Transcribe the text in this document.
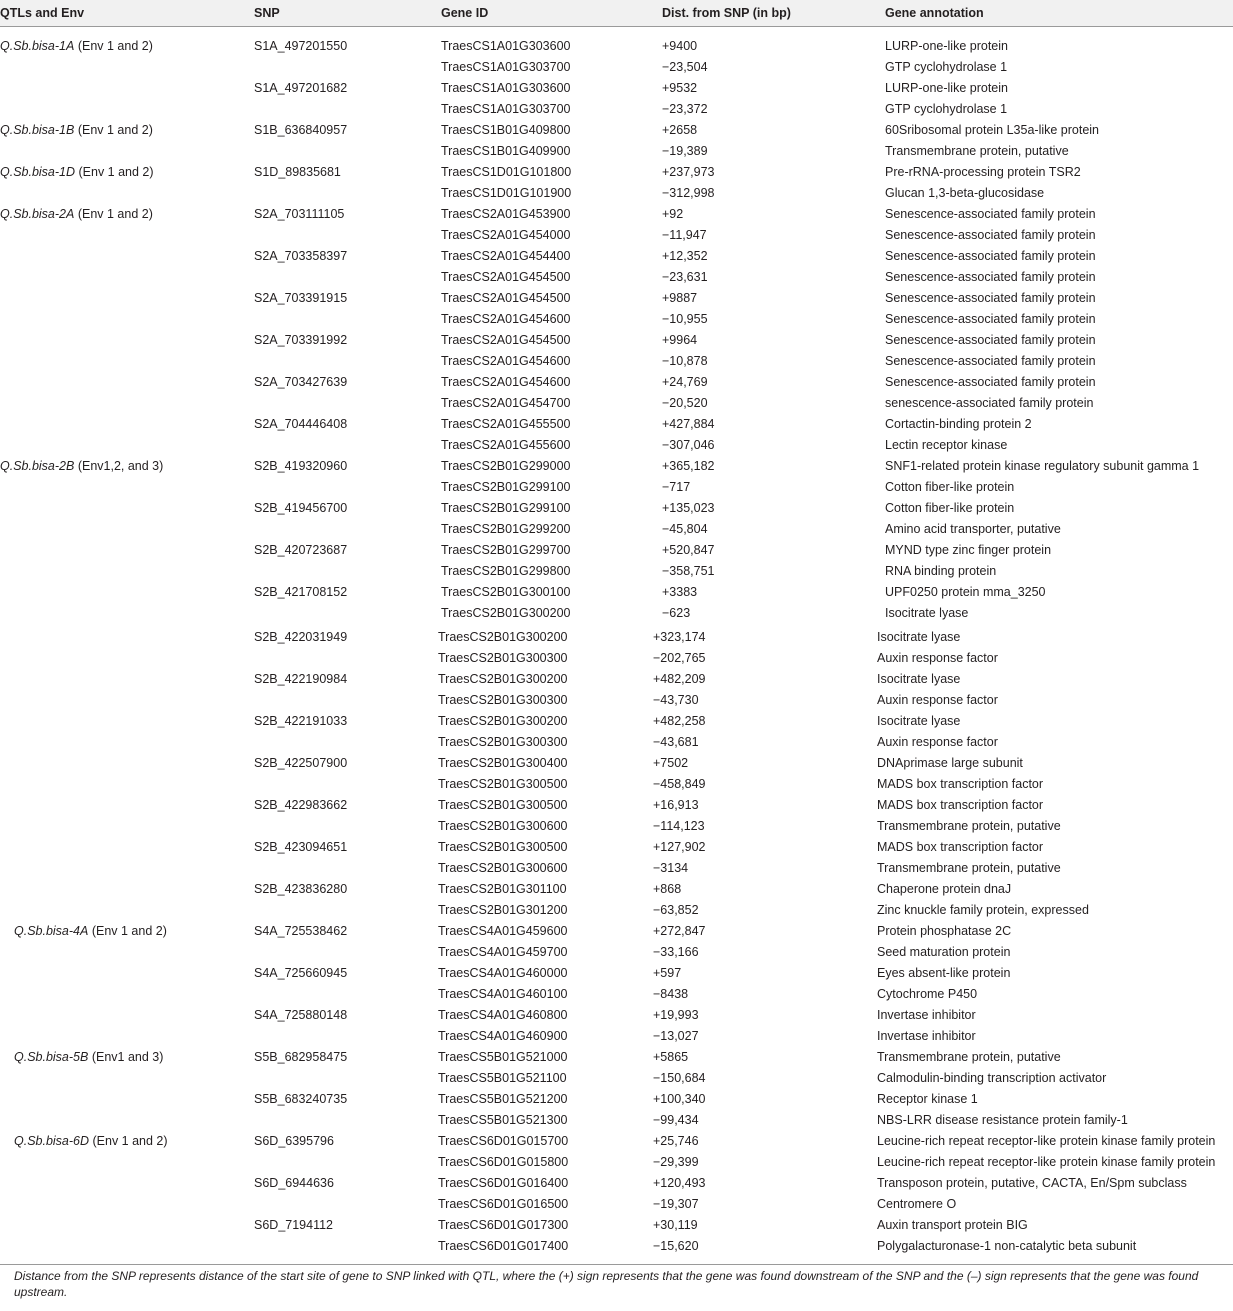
QTLs and Env	SNP	Gene ID	Dist. from SNP (in bp)	Gene annotation
Q.Sb.bisa-1A (Env 1 and 2)	S1A_497201550	TraesCS1A01G303600	+9400	LURP-one-like protein
TraesCS1A01G303700	−23,504	GTP cyclohydrolase 1
S1A_497201682	TraesCS1A01G303600	+9532	LURP-one-like protein
TraesCS1A01G303700	−23,372	GTP cyclohydrolase 1
Q.Sb.bisa-1B (Env 1 and 2)	S1B_636840957	TraesCS1B01G409800	+2658	60Sribosomal protein L35a-like protein
TraesCS1B01G409900	−19,389	Transmembrane protein, putative
Q.Sb.bisa-1D (Env 1 and 2)	S1D_89835681	TraesCS1D01G101800	+237,973	Pre-rRNA-processing protein TSR2
TraesCS1D01G101900	−312,998	Glucan 1,3-beta-glucosidase
Q.Sb.bisa-2A (Env 1 and 2)	S2A_703111105	TraesCS2A01G453900	+92	Senescence-associated family protein
TraesCS2A01G454000	−11,947	Senescence-associated family protein
S2A_703358397	TraesCS2A01G454400	+12,352	Senescence-associated family protein
TraesCS2A01G454500	−23,631	Senescence-associated family protein
S2A_703391915	TraesCS2A01G454500	+9887	Senescence-associated family protein
TraesCS2A01G454600	−10,955	Senescence-associated family protein
S2A_703391992	TraesCS2A01G454500	+9964	Senescence-associated family protein
TraesCS2A01G454600	−10,878	Senescence-associated family protein
S2A_703427639	TraesCS2A01G454600	+24,769	Senescence-associated family protein
TraesCS2A01G454700	−20,520	senescence-associated family protein
S2A_704446408	TraesCS2A01G455500	+427,884	Cortactin-binding protein 2
TraesCS2A01G455600	−307,046	Lectin receptor kinase
Q.Sb.bisa-2B (Env1,2, and 3)	S2B_419320960	TraesCS2B01G299000	+365,182	SNF1-related protein kinase regulatory subunit gamma 1
TraesCS2B01G299100	−717	Cotton fiber-like protein
S2B_419456700	TraesCS2B01G299100	+135,023	Cotton fiber-like protein
TraesCS2B01G299200	−45,804	Amino acid transporter, putative
S2B_420723687	TraesCS2B01G299700	+520,847	MYND type zinc finger protein
TraesCS2B01G299800	−358,751	RNA binding protein
S2B_421708152	TraesCS2B01G300100	+3383	UPF0250 protein mma_3250
TraesCS2B01G300200	−623	Isocitrate lyase
S2B_422031949	TraesCS2B01G300200	+323,174	Isocitrate lyase
TraesCS2B01G300300	−202,765	Auxin response factor
S2B_422190984	TraesCS2B01G300200	+482,209	Isocitrate lyase
TraesCS2B01G300300	−43,730	Auxin response factor
S2B_422191033	TraesCS2B01G300200	+482,258	Isocitrate lyase
TraesCS2B01G300300	−43,681	Auxin response factor
S2B_422507900	TraesCS2B01G300400	+7502	DNAprimase large subunit
TraesCS2B01G300500	−458,849	MADS box transcription factor
S2B_422983662	TraesCS2B01G300500	+16,913	MADS box transcription factor
TraesCS2B01G300600	−114,123	Transmembrane protein, putative
S2B_423094651	TraesCS2B01G300500	+127,902	MADS box transcription factor
TraesCS2B01G300600	−3134	Transmembrane protein, putative
S2B_423836280	TraesCS2B01G301100	+868	Chaperone protein dnaJ
TraesCS2B01G301200	−63,852	Zinc knuckle family protein, expressed
Q.Sb.bisa-4A (Env 1 and 2)	S4A_725538462	TraesCS4A01G459600	+272,847	Protein phosphatase 2C
TraesCS4A01G459700	−33,166	Seed maturation protein
S4A_725660945	TraesCS4A01G460000	+597	Eyes absent-like protein
TraesCS4A01G460100	−8438	Cytochrome P450
S4A_725880148	TraesCS4A01G460800	+19,993	Invertase inhibitor
TraesCS4A01G460900	−13,027	Invertase inhibitor
Q.Sb.bisa-5B (Env1 and 3)	S5B_682958475	TraesCS5B01G521000	+5865	Transmembrane protein, putative
TraesCS5B01G521100	−150,684	Calmodulin-binding transcription activator
S5B_683240735	TraesCS5B01G521200	+100,340	Receptor kinase 1
TraesCS5B01G521300	−99,434	NBS-LRR disease resistance protein family-1
Q.Sb.bisa-6D (Env 1 and 2)	S6D_6395796	TraesCS6D01G015700	+25,746	Leucine-rich repeat receptor-like protein kinase family protein
TraesCS6D01G015800	−29,399	Leucine-rich repeat receptor-like protein kinase family protein
S6D_6944636	TraesCS6D01G016400	+120,493	Transposon protein, putative, CACTA, En/Spm subclass
TraesCS6D01G016500	−19,307	Centromere O
S6D_7194112	TraesCS6D01G017300	+30,119	Auxin transport protein BIG
TraesCS6D01G017400	−15,620	Polygalacturonase-1 non-catalytic beta subunit
Distance from the SNP represents distance of the start site of gene to SNP linked with QTL, where the (+) sign represents that the gene was found downstream of the SNP and the (–) sign represents that the gene was found upstream.
